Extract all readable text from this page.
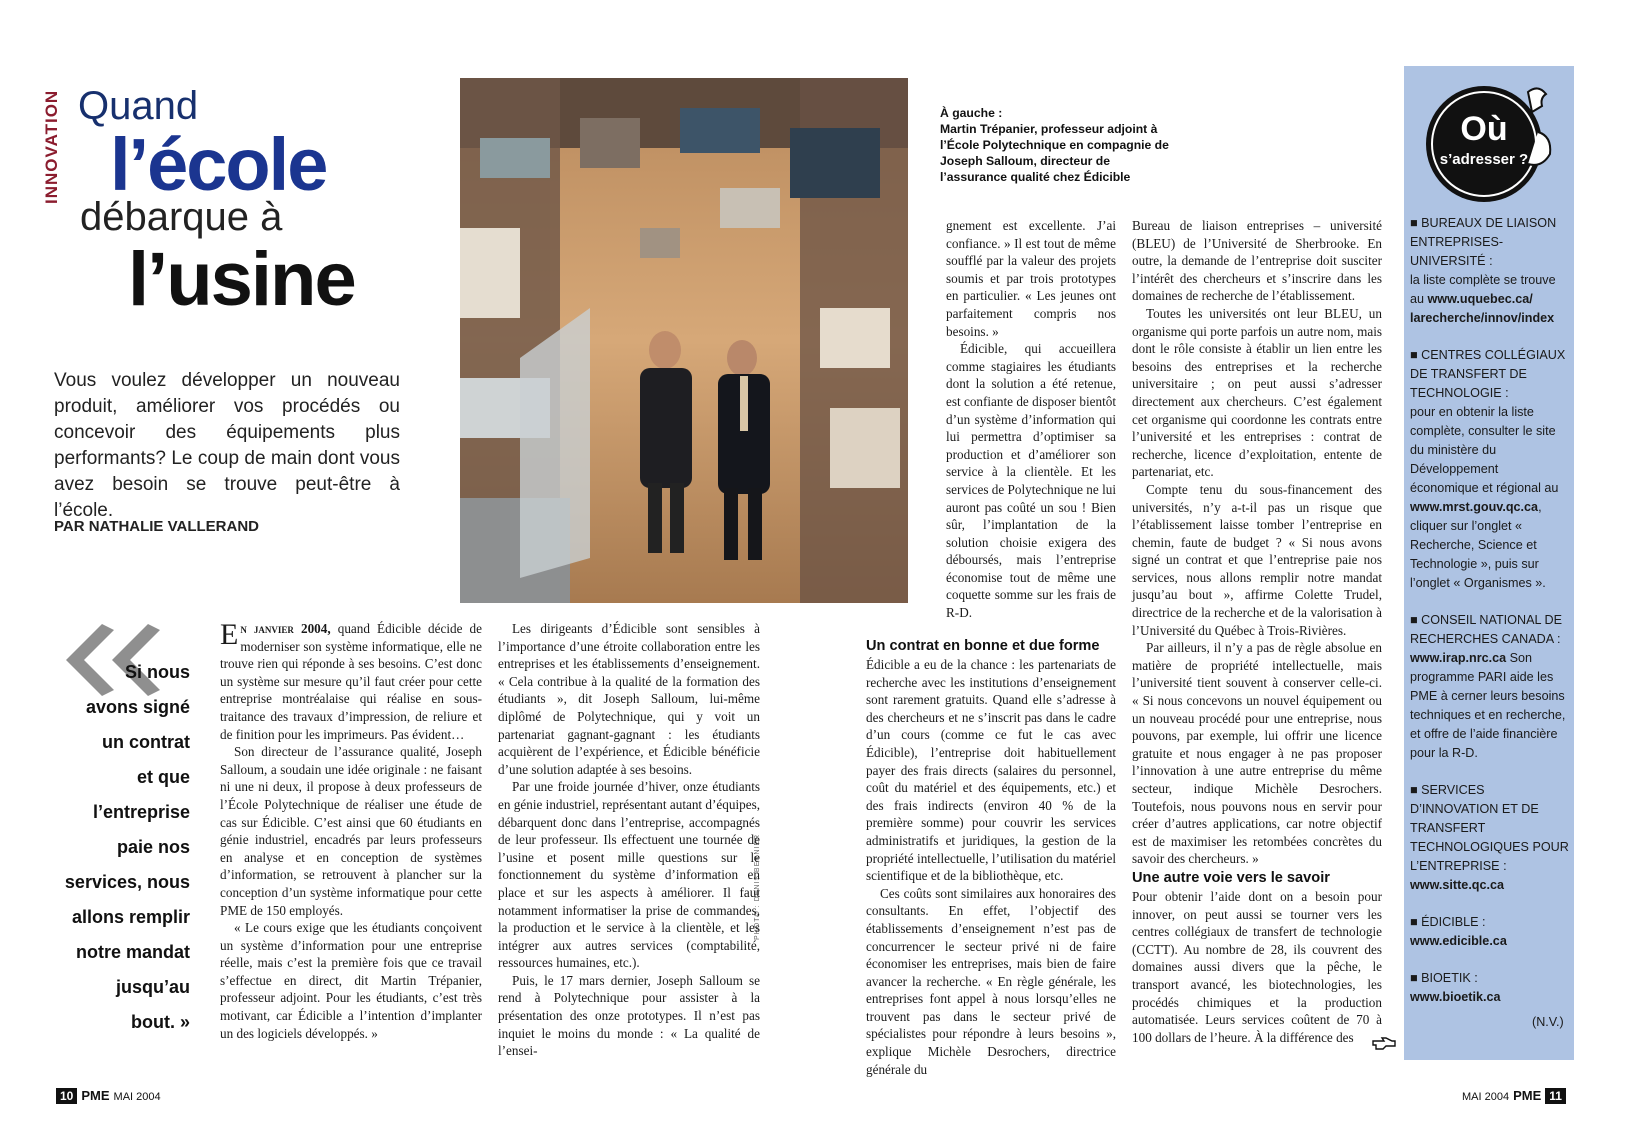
INNOVATION Quand
l’école
débarque à
l’usine
Vous voulez développer un nouveau produit, améliorer vos procédés ou concevoir des équipements plus performants? Le coup de main dont vous avez besoin se trouve peut-être à l’école.
PAR NATHALIE VALLERAND
PHOTO : DENIS BERNIER
À gauche :
Martin Trépanier, professeur adjoint à l’École Polytechnique en compagnie de Joseph Salloum, directeur de l’assurance qualité chez Édicible

Si nous

avons signé

un contrat

et que

l’entreprise

paie nos

services, nous

allons remplir

notre mandat

jusqu’au

bout. »

En janvier 2004, quand Édicible décide de moderniser son système informatique, elle ne trouve rien qui réponde à ses besoins. C’est donc un système sur mesure qu’il faut créer pour cette entreprise montréalaise qui réalise en sous-traitance des travaux d’impression, de reliure et de finition pour les imprimeurs. Pas évident…

Son directeur de l’assurance qualité, Joseph Salloum, a soudain une idée originale : ne faisant ni une ni deux, il propose à deux professeurs de l’École Polytechnique de réaliser une étude de cas sur Édicible. C’est ainsi que 60 étudiants en génie industriel, encadrés par leurs professeurs en analyse et en conception de systèmes d’information, se retrouvent à plancher sur la conception d’un système informatique pour cette PME de 150 employés.

« Le cours exige que les étudiants conçoivent un système d’information pour une entreprise réelle, mais c’est la première fois que ce travail s’effectue en direct, dit Martin Trépanier, professeur adjoint. Pour les étudiants, c’est très motivant, car Édicible a l’intention d’implanter un des logiciels développés. »

Les dirigeants d’Édicible sont sensibles à l’importance d’une étroite collaboration entre les entreprises et les établissements d’enseignement. « Cela contribue à la qualité de la formation des étudiants », dit Joseph Salloum, lui-même diplômé de Polytechnique, qui y voit un partenariat gagnant-gagnant : les étudiants acquièrent de l’expérience, et Édicible bénéficie d’une solution adaptée à ses besoins.

Par une froide journée d’hiver, onze étudiants en génie industriel, représentant autant d’équipes, débarquent donc dans l’entreprise, accompagnés de leur professeur. Ils effectuent une tournée de l’usine et posent mille questions sur le fonctionnement du système d’information en place et sur les aspects à améliorer. Il faut notamment informatiser la prise de commandes, la production et le service à la clientèle, et les intégrer aux autres services (comptabilité, ressources humaines, etc.).

Puis, le 17 mars dernier, Joseph Salloum se rend à Polytechnique pour assister à la présentation des onze prototypes. Il n’est pas inquiet le moins du monde : « La qualité de l’ensei-

gnement est excellente. J’ai confiance. » Il est tout de même soufflé par la valeur des projets soumis et par trois prototypes en particulier. « Les jeunes ont parfaitement compris nos besoins. »

Édicible, qui accueillera comme stagiaires les étudiants dont la solution a été retenue, est confiante de disposer bientôt d’un système d’information qui lui permettra d’optimiser sa production et d’améliorer son service à la clientèle. Et les services de Polytechnique ne lui auront pas coûté un sou ! Bien sûr, l’implantation de la solution choisie exigera des déboursés, mais l’entreprise économise tout de même une coquette somme sur les frais de R-D.

Un contrat en bonne et due forme

Édicible a eu de la chance : les partenariats de recherche avec les institutions d’enseignement sont rarement gratuits. Quand elle s’adresse à des chercheurs et ne s’inscrit pas dans le cadre d’un cours (comme ce fut le cas avec Édicible), l’entreprise doit habituellement payer des frais directs (salaires du personnel, coût du matériel et des équipements, etc.) et des frais indirects (environ 40 % de la première somme) pour couvrir les services administratifs et juridiques, la gestion de la propriété intellectuelle, l’utilisation du matériel scientifique et de la bibliothèque, etc.

Ces coûts sont similaires aux honoraires des consultants. En effet, l’objectif des établissements d’enseignement n’est pas de concurrencer le secteur privé ni de faire économiser les entreprises, mais bien de faire avancer la recherche. « En règle générale, les entreprises font appel à nous lorsqu’elles ne trouvent pas dans le secteur privé de spécialistes pour répondre à leurs besoins », explique Michèle Desrochers, directrice générale du

Bureau de liaison entreprises – université (BLEU) de l’Université de Sherbrooke. En outre, la demande de l’entreprise doit susciter l’intérêt des chercheurs et s’inscrire dans les domaines de recherche de l’établissement.

Toutes les universités ont leur BLEU, un organisme qui porte parfois un autre nom, mais dont le rôle consiste à établir un lien entre les besoins des entreprises et la recherche universitaire ; on peut aussi s’adresser directement aux chercheurs. C’est également cet organisme qui coordonne les contrats entre l’université et les entreprises : contrat de recherche, licence d’exploitation, entente de partenariat, etc.

Compte tenu du sous-financement des universités, n’y a-t-il pas un risque que l’établissement laisse tomber l’entreprise en chemin, faute de budget ? « Si nous avons signé un contrat et que l’entreprise paie nos services, nous allons remplir notre mandat jusqu’au bout », affirme Colette Trudel, directrice de la recherche et de la valorisation à l’Université du Québec à Trois-Rivières.

Par ailleurs, il n’y a pas de règle absolue en matière de propriété intellectuelle, mais l’université tient souvent à conserver celle-ci. « Si nous concevons un nouvel équipement ou un nouveau procédé pour une entreprise, nous pouvons, par exemple, lui offrir une licence gratuite et nous engager à ne pas proposer l’innovation à une autre entreprise du même secteur, indique Michèle Desrochers. Toutefois, nous pouvons nous en servir pour créer d’autres applications, car notre objectif est de maximiser les retombées concrètes du savoir des chercheurs. »

Une autre voie vers le savoir

Pour obtenir l’aide dont on a besoin pour innover, on peut aussi se tourner vers les centres collégiaux de transfert de technologie (CCTT). Au nombre de 28, ils couvrent des domaines aussi divers que la pêche, le transport avancé, les biotechnologies, les procédés chimiques et la production automatisée. Leurs services coûtent de 70 à 100 dollars de l’heure. À la différence des

Où
s’adresser ?
■ BUREAUX DE LIAISON ENTREPRISES-UNIVERSITÉ :
la liste complète se trouve au www.uquebec.ca/ larecherche/innov/index
■ CENTRES COLLÉGIAUX DE TRANSFERT DE TECHNOLOGIE :
pour en obtenir la liste complète, consulter le site du ministère du Développement économique et régional au www.mrst.gouv.qc.ca, cliquer sur l’onglet « Recherche, Science et Technologie », puis sur l’onglet « Organismes ».
■ CONSEIL NATIONAL DE RECHERCHES CANADA :
www.irap.nrc.ca Son programme PARI aide les PME à cerner leurs besoins techniques et en recherche, et offre de l’aide financière pour la R-D.
■ SERVICES D’INNOVATION ET DE TRANSFERT TECHNOLOGIQUES POUR L’ENTREPRISE :
www.sitte.qc.ca
■ ÉDICIBLE :
www.edicible.ca
■ BIOETIK :
www.bioetik.ca
(N.V.)
10 PME MAI 2004	MAI 2004 PME 11
